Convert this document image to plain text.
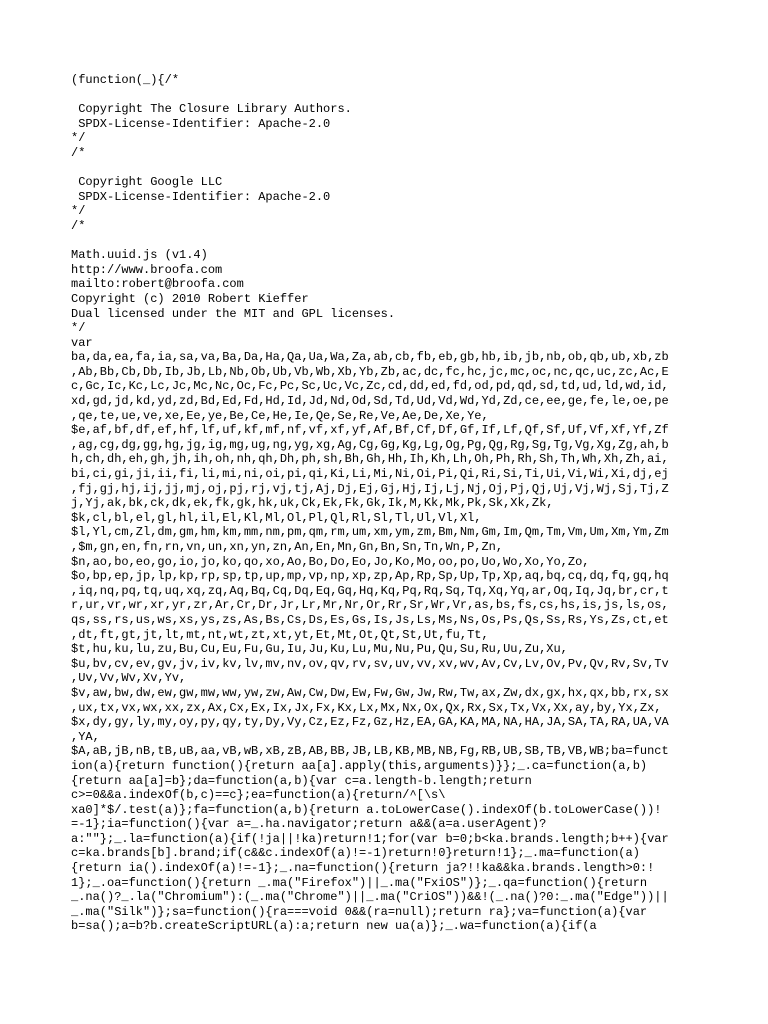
(function(_){/*

Copyright The Closure Library Authors.
SPDX-License-Identifier: Apache-2.0
*/
/*

Copyright Google LLC
SPDX-License-Identifier: Apache-2.0
*/
/*

Math.uuid.js (v1.4)
http://www.broofa.com
mailto:robert@broofa.com
Copyright (c) 2010 Robert Kieffer
Dual licensed under the MIT and GPL licenses.
*/
var
ba,da,ea,fa,ia,sa,va,Ba,Da,Ha,Qa,Ua,Wa,Za,ab,cb,fb,eb,gb,hb,ib,jb,nb,ob,qb,ub,xb,zb
,Ab,Bb,Cb,Db,Ib,Jb,Lb,Nb,Ob,Ub,Vb,Wb,Xb,Yb,Zb,ac,dc,fc,hc,jc,mc,oc,nc,qc,uc,zc,Ac,E
c,Gc,Ic,Kc,Lc,Jc,Mc,Nc,Oc,Fc,Pc,Sc,Uc,Vc,Zc,cd,dd,ed,fd,od,pd,qd,sd,td,ud,ld,wd,id,
xd,gd,jd,kd,yd,zd,Bd,Ed,Fd,Hd,Id,Jd,Nd,Od,Sd,Td,Ud,Vd,Wd,Yd,Zd,ce,ee,ge,fe,le,oe,pe
,qe,te,ue,ve,xe,Ee,ye,Be,Ce,He,Ie,Qe,Se,Re,Ve,Ae,De,Xe,Ye,
$e,af,bf,df,ef,hf,lf,uf,kf,mf,nf,vf,xf,yf,Af,Bf,Cf,Df,Gf,If,Lf,Qf,Sf,Uf,Vf,Xf,Yf,Zf
,ag,cg,dg,gg,hg,jg,ig,mg,ug,ng,yg,xg,Ag,Cg,Gg,Kg,Lg,Og,Pg,Qg,Rg,Sg,Tg,Vg,Xg,Zg,ah,b
h,ch,dh,eh,gh,jh,ih,oh,nh,qh,Dh,ph,sh,Bh,Gh,Hh,Ih,Kh,Lh,Oh,Ph,Rh,Sh,Th,Wh,Xh,Zh,ai,
bi,ci,gi,ji,ii,fi,li,mi,ni,oi,pi,qi,Ki,Li,Mi,Ni,Oi,Pi,Qi,Ri,Si,Ti,Ui,Vi,Wi,Xi,dj,ej
,fj,gj,hj,ij,jj,mj,oj,pj,rj,vj,tj,Aj,Dj,Ej,Gj,Hj,Ij,Lj,Nj,Oj,Pj,Qj,Uj,Vj,Wj,Sj,Tj,Z
j,Yj,ak,bk,ck,dk,ek,fk,gk,hk,uk,Ck,Ek,Fk,Gk,Ik,M,Kk,Mk,Pk,Sk,Xk,Zk,
$k,cl,bl,el,gl,hl,il,El,Kl,Ml,Ol,Pl,Ql,Rl,Sl,Tl,Ul,Vl,Xl,
$l,Yl,cm,Zl,dm,gm,hm,km,mm,nm,pm,qm,rm,um,xm,ym,zm,Bm,Nm,Gm,Im,Qm,Tm,Vm,Um,Xm,Ym,Zm
,$m,gn,en,fn,rn,vn,un,xn,yn,zn,An,En,Mn,Gn,Bn,Sn,Tn,Wn,P,Zn,
$n,ao,bo,eo,go,io,jo,ko,qo,xo,Ao,Bo,Do,Eo,Jo,Ko,Mo,oo,po,Uo,Wo,Xo,Yo,Zo,
$o,bp,ep,jp,lp,kp,rp,sp,tp,up,mp,vp,np,xp,zp,Ap,Rp,Sp,Up,Tp,Xp,aq,bq,cq,dq,fq,gq,hq
,iq,nq,pq,tq,uq,xq,zq,Aq,Bq,Cq,Dq,Eq,Gq,Hq,Kq,Pq,Rq,Sq,Tq,Xq,Yq,ar,Oq,Iq,Jq,br,cr,t
r,ur,vr,wr,xr,yr,zr,Ar,Cr,Dr,Jr,Lr,Mr,Nr,Or,Rr,Sr,Wr,Vr,as,bs,fs,cs,hs,is,js,ls,os,
qs,ss,rs,us,ws,xs,ys,zs,As,Bs,Cs,Ds,Es,Gs,Is,Js,Ls,Ms,Ns,Os,Ps,Qs,Ss,Rs,Ys,Zs,ct,et
,dt,ft,gt,jt,lt,mt,nt,wt,zt,xt,yt,Et,Mt,Ot,Qt,St,Ut,fu,Tt,
$t,hu,ku,lu,zu,Bu,Cu,Eu,Fu,Gu,Iu,Ju,Ku,Lu,Mu,Nu,Pu,Qu,Su,Ru,Uu,Zu,Xu,
$u,bv,cv,ev,gv,jv,iv,kv,lv,mv,nv,ov,qv,rv,sv,uv,vv,xv,wv,Av,Cv,Lv,Ov,Pv,Qv,Rv,Sv,Tv
,Uv,Vv,Wv,Xv,Yv,
$v,aw,bw,dw,ew,gw,mw,ww,yw,zw,Aw,Cw,Dw,Ew,Fw,Gw,Jw,Rw,Tw,ax,Zw,dx,gx,hx,qx,bb,rx,sx
,ux,tx,vx,wx,xx,zx,Ax,Cx,Ex,Ix,Jx,Fx,Kx,Lx,Mx,Nx,Ox,Qx,Rx,Sx,Tx,Vx,Xx,ay,by,Yx,Zx,
$x,dy,gy,ly,my,oy,py,qy,ty,Dy,Vy,Cz,Ez,Fz,Gz,Hz,EA,GA,KA,MA,NA,HA,JA,SA,TA,RA,UA,VA
,YA,
$A,aB,jB,nB,tB,uB,aa,vB,wB,xB,zB,AB,BB,JB,LB,KB,MB,NB,Fg,RB,UB,SB,TB,VB,WB;ba=funct
ion(a){return function(){return aa[a].apply(this,arguments)}};_.ca=function(a,b)
{return aa[a]=b};da=function(a,b){var c=a.length-b.length;return
c>=0&&a.indexOf(b,c)==c};ea=function(a){return/^[\s\
xa0]*$/.test(a)};fa=function(a,b){return a.toLowerCase().indexOf(b.toLowerCase())!
=-1};ia=function(){var a=_.ha.navigator;return a&&(a=a.userAgent)?
a:""};_.la=function(a){if(!ja||!ka)return!1;for(var b=0;b<ka.brands.length;b++){var
c=ka.brands[b].brand;if(c&&c.indexOf(a)!=-1)return!0}return!1};_.ma=function(a)
{return ia().indexOf(a)!=-1};_.na=function(){return ja?!!ka&&ka.brands.length>0:!
1};_.oa=function(){return _.ma("Firefox")||_.ma("FxiOS")};_.qa=function(){return
_.na()?_.la("Chromium"):(_.ma("Chrome")||_.ma("CriOS"))&&!(_.na()?0:_.ma("Edge"))||
_.ma("Silk")};sa=function(){ra===void 0&&(ra=null);return ra};va=function(a){var
b=sa();a=b?b.createScriptURL(a):a;return new ua(a)};_.wa=function(a){if(a
